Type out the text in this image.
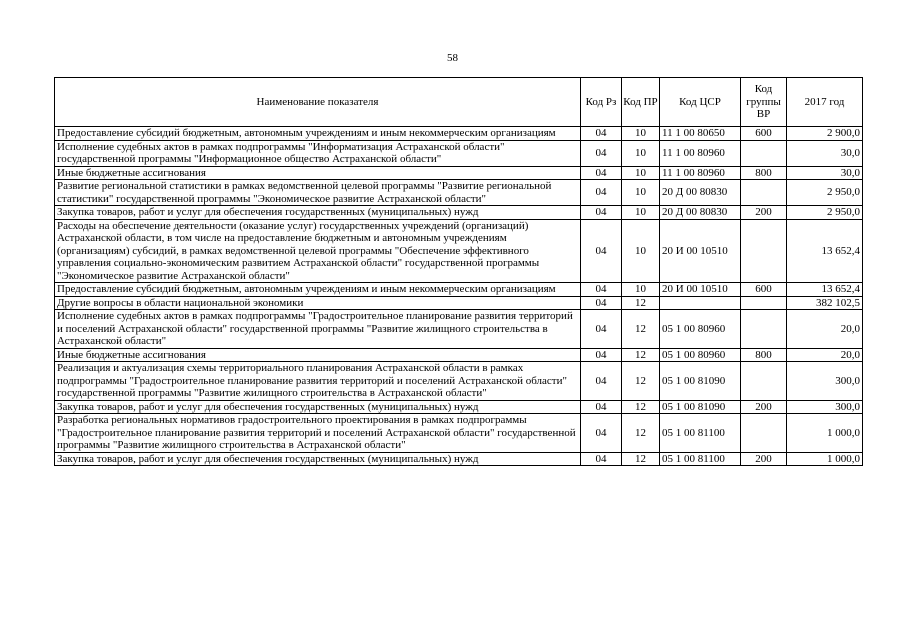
58
Наименование показателя	Код Рз	Код ПР	Код ЦСР	Код группы ВР	2017 год
Предоставление субсидий бюджетным, автономным учреждениям и иным некоммерческим организациям	04	10	11 1 00 80650	600	2 900,0
Исполнение судебных актов в рамках подпрограммы "Информатизация Астраханской области" государственной программы "Информационное общество Астраханской области"	04	10	11 1 00 80960		30,0
Иные бюджетные ассигнования	04	10	11 1 00 80960	800	30,0
Развитие региональной статистики в рамках ведомственной целевой программы "Развитие региональной статистики" государственной программы "Экономическое развитие Астраханской области"	04	10	20 Д 00 80830		2 950,0
Закупка товаров, работ и услуг для обеспечения государственных (муниципальных) нужд	04	10	20 Д 00 80830	200	2 950,0
Расходы на обеспечение деятельности (оказание услуг) государственных учреждений (организаций) Астраханской области, в том числе на предоставление бюджетным и автономным учреждениям (организациям) субсидий, в рамках ведомственной целевой программы "Обеспечение эффективного управления социально-экономическим развитием Астраханской области" государственной программы "Экономическое развитие Астраханской области"	04	10	20 И 00 10510		13 652,4
Предоставление субсидий бюджетным, автономным учреждениям и иным некоммерческим организациям	04	10	20 И 00 10510	600	13 652,4
Другие вопросы в области национальной экономики	04	12			382 102,5
Исполнение судебных актов в рамках подпрограммы "Градостроительное планирование развития территорий и поселений Астраханской области" государственной программы "Развитие жилищного строительства в Астраханской области"	04	12	05 1 00 80960		20,0
Иные бюджетные ассигнования	04	12	05 1 00 80960	800	20,0
Реализация и актуализация схемы территориального планирования Астраханской области в рамках подпрограммы "Градостроительное планирование развития территорий и поселений Астраханской области" государственной программы "Развитие жилищного строительства в Астраханской области"	04	12	05 1 00 81090		300,0
Закупка товаров, работ и услуг для обеспечения государственных (муниципальных) нужд	04	12	05 1 00 81090	200	300,0
Разработка региональных нормативов градостроительного проектирования в рамках подпрограммы "Градостроительное планирование развития территорий и поселений Астраханской области" государственной программы "Развитие жилищного строительства в Астраханской области"	04	12	05 1 00 81100		1 000,0
Закупка товаров, работ и услуг для обеспечения государственных (муниципальных) нужд	04	12	05 1 00 81100	200	1 000,0
